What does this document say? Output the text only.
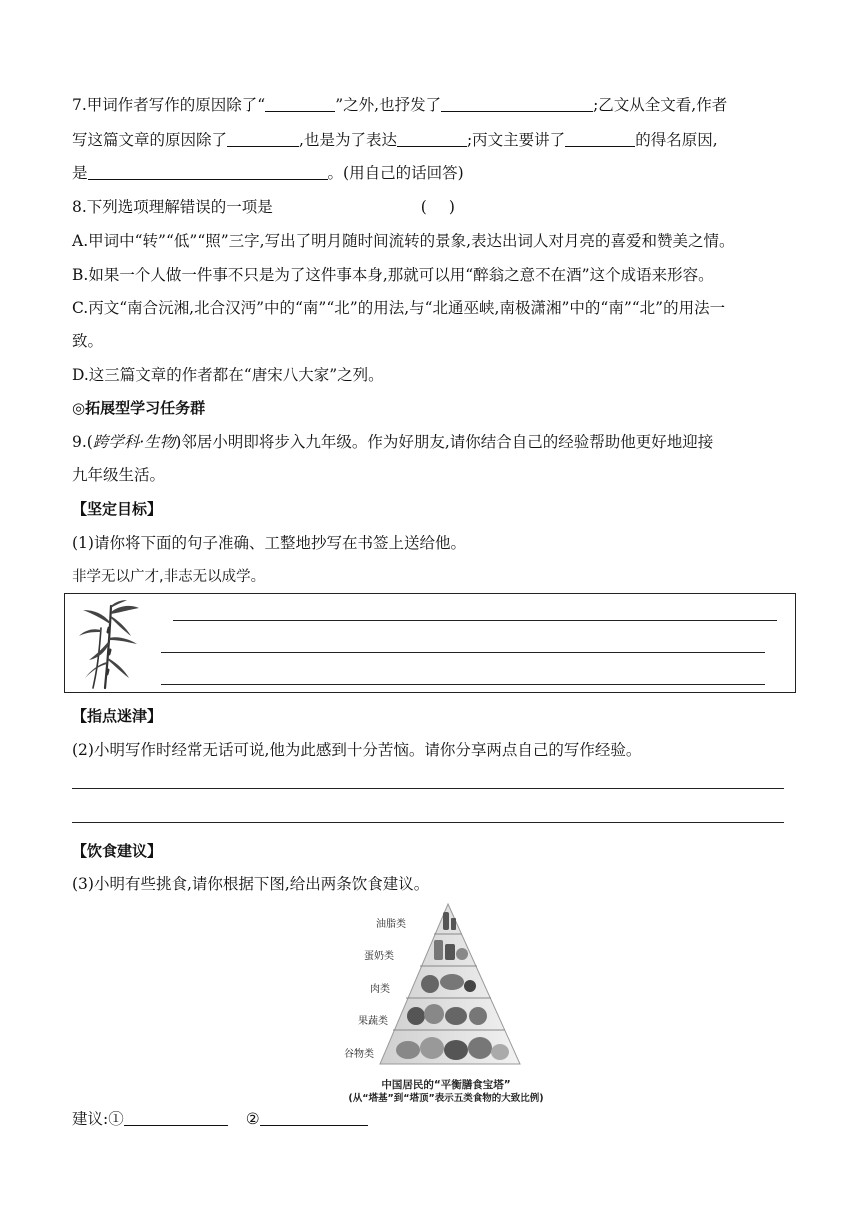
7.甲词作者写作的原因除了“	”之外,也抒发了	;乙文从全文看,作者
写这篇文章的原因除了	,也是为了表达	;丙文主要讲了	的得名原因,
是	。(用自己的话回答)
8.下列选项理解错误的一项是	( )
A.甲词中“转”“低”“照”三字,写出了明月随时间流转的景象,表达出词人对月亮的喜爱和赞美之情。
B.如果一个人做一件事不只是为了这件事本身,那就可以用“醉翁之意不在酒”这个成语来形容。
C.丙文“南合沅湘,北合汉沔”中的“南”“北”的用法,与“北通巫峡,南极潇湘”中的“南”“北”的用法一
致。
D.这三篇文章的作者都在“唐宋八大家”之列。
◎拓展型学习任务群
9.(跨学科·生物)邻居小明即将步入九年级。作为好朋友,请你结合自己的经验帮助他更好地迎接
九年级生活。
【坚定目标】
(1)请你将下面的句子准确、工整地抄写在书签上送给他。
非学无以广才,非志无以成学。
【指点迷津】
(2)小明写作时经常无话可说,他为此感到十分苦恼。请你分享两点自己的写作经验。
【饮食建议】
(3)小明有些挑食,请你根据下图,给出两条饮食建议。
油脂类
蛋奶类
肉类
果蔬类
谷物类
中国居民的“平衡膳食宝塔”
(从“塔基”到“塔顶”表示五类食物的大致比例)
建议:①	②
